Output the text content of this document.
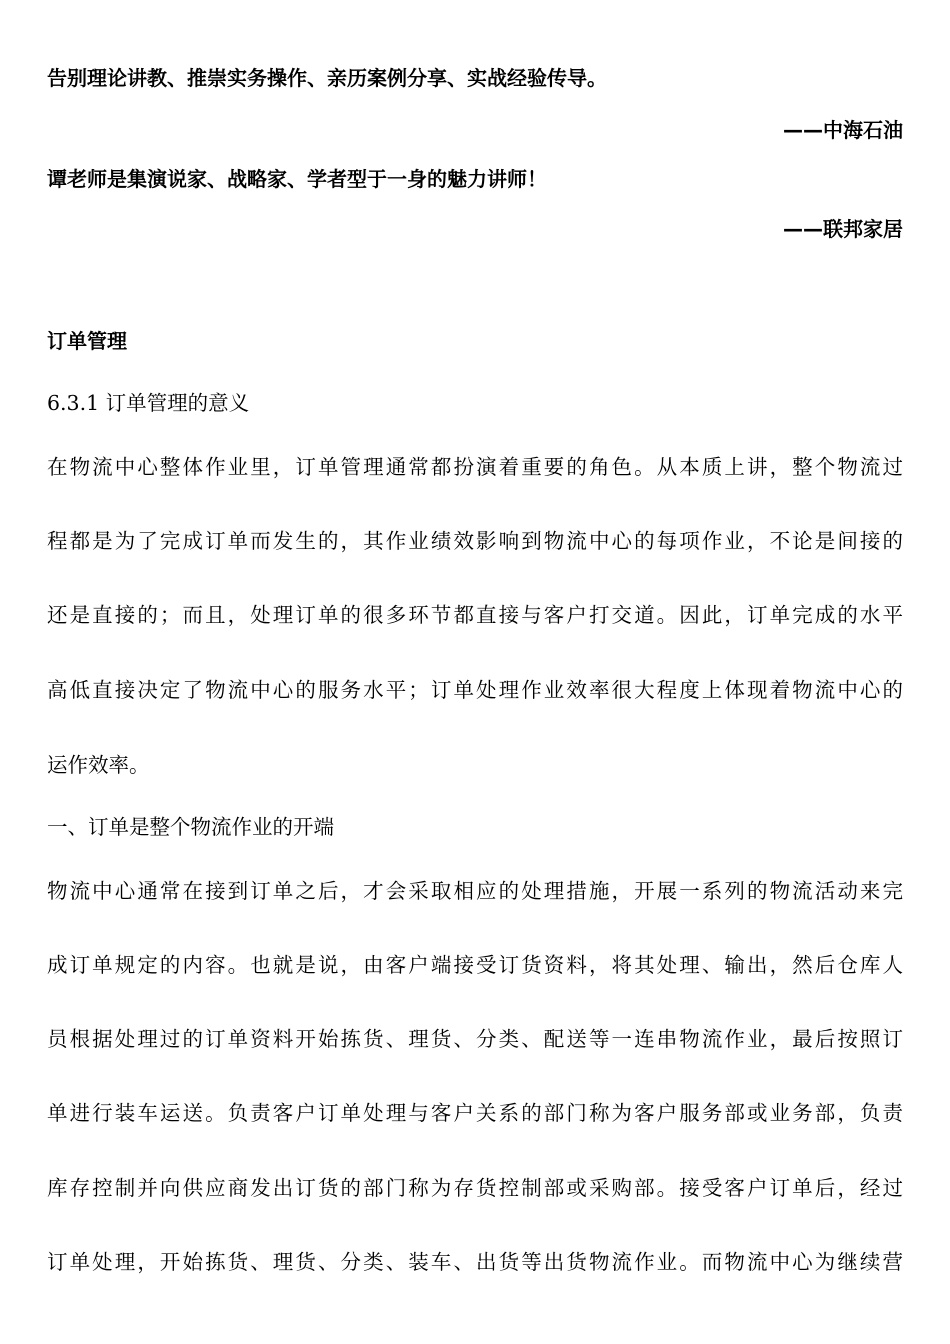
告别理论讲教、推崇实务操作、亲历案例分享、实战经验传导。
——中海石油
谭老师是集演说家、战略家、学者型于一身的魅力讲师！
——联邦家居
订单管理
6.3.1 订单管理的意义
在物流中心整体作业里，订单管理通常都扮演着重要的角色。从本质上讲，整个物流过
程都是为了完成订单而发生的，其作业绩效影响到物流中心的每项作业，不论是间接的
还是直接的；而且，处理订单的很多环节都直接与客户打交道。因此，订单完成的水平
高低直接决定了物流中心的服务水平；订单处理作业效率很大程度上体现着物流中心的
运作效率。
一、订单是整个物流作业的开端
物流中心通常在接到订单之后，才会采取相应的处理措施，开展一系列的物流活动来完
成订单规定的内容。也就是说，由客户端接受订货资料，将其处理、输出，然后仓库人
员根据处理过的订单资料开始拣货、理货、分类、配送等一连串物流作业，最后按照订
单进行装车运送。负责客户订单处理与客户关系的部门称为客户服务部或业务部，负责
库存控制并向供应商发出订货的部门称为存货控制部或采购部。接受客户订单后，经过
订单处理，开始拣货、理货、分类、装车、出货等出货物流作业。而物流中心为继续营
